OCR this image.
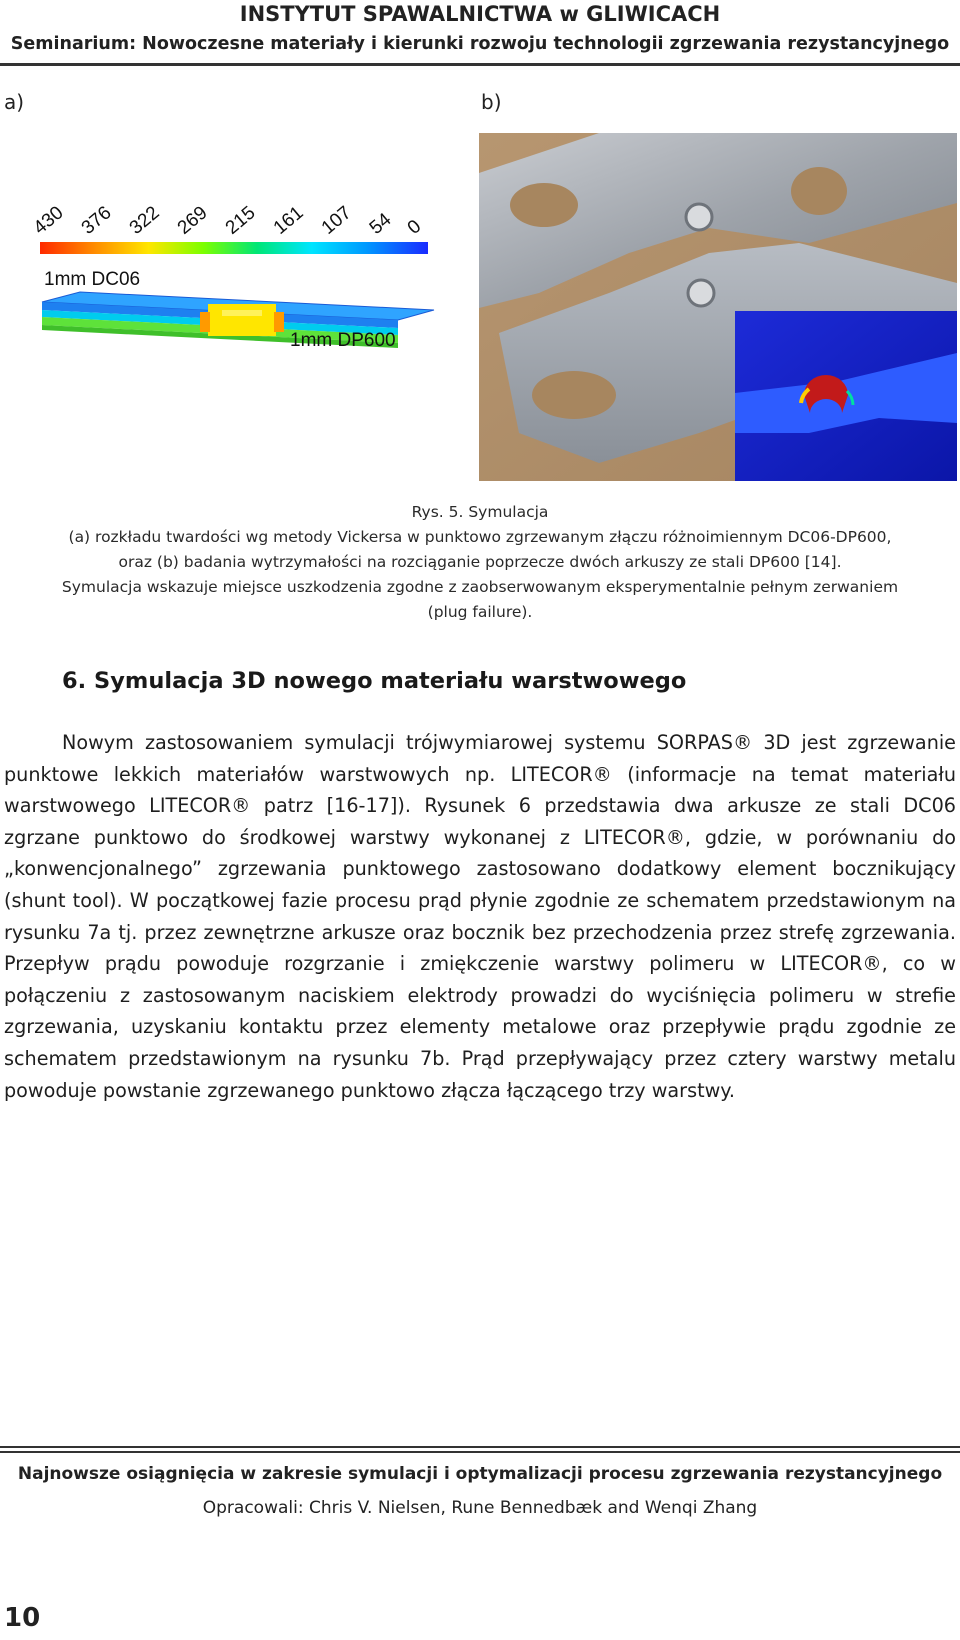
INSTYTUT SPAWALNICTWA w GLIWICACH
Seminarium: Nowoczesne materiały i kierunki rozwoju technologii zgrzewania rezystancyjnego
a)	b)
430 376 322 269 215 161 107 54 0
1mm DC06
1mm DP600
Rys. 5. Symulacja
(a) rozkładu twardości wg metody Vickersa w punktowo zgrzewanym złączu różnoimiennym DC06-DP600,
oraz (b) badania wytrzymałości na rozciąganie poprzecze dwóch arkuszy ze stali DP600 [14].
Symulacja wskazuje miejsce uszkodzenia zgodne z zaobserwowanym eksperymentalnie pełnym zerwaniem
(plug failure).
6. Symulacja 3D nowego materiału warstwowego

Nowym zastosowaniem symulacji trójwymiarowej systemu SORPAS® 3D jest zgrzewanie punktowe lekkich materiałów warstwowych np. LITECOR® (informacje na temat materiału warstwowego LITECOR® patrz [16-17]). Rysunek 6 przedstawia dwa arkusze ze stali DC06 zgrzane punktowo do środkowej warstwy wykonanej z LITECOR®, gdzie, w porównaniu do „konwencjonalnego” zgrzewania punktowego zastosowano dodatkowy element bocznikujący (shunt tool). W początkowej fazie procesu prąd płynie zgodnie ze schematem przedstawionym na rysunku 7a tj. przez zewnętrzne arkusze oraz bocznik bez przechodzenia przez strefę zgrzewania. Przepływ prądu powoduje rozgrzanie i zmiękczenie warstwy polimeru w LITECOR®, co w połączeniu z zastosowanym naciskiem elektrody prowadzi do wyciśnięcia polimeru w strefie zgrzewania, uzyskaniu kontaktu przez elementy metalowe oraz przepływie prądu zgodnie ze schematem przedstawionym na rysunku 7b. Prąd przepływający przez cztery warstwy metalu powoduje powstanie zgrzewanego punktowo złącza łączącego trzy warstwy.

Najnowsze osiągnięcia w zakresie symulacji i optymalizacji procesu zgrzewania rezystancyjnego
Opracowali: Chris V. Nielsen, Rune Bennedbæk and Wenqi Zhang
10
